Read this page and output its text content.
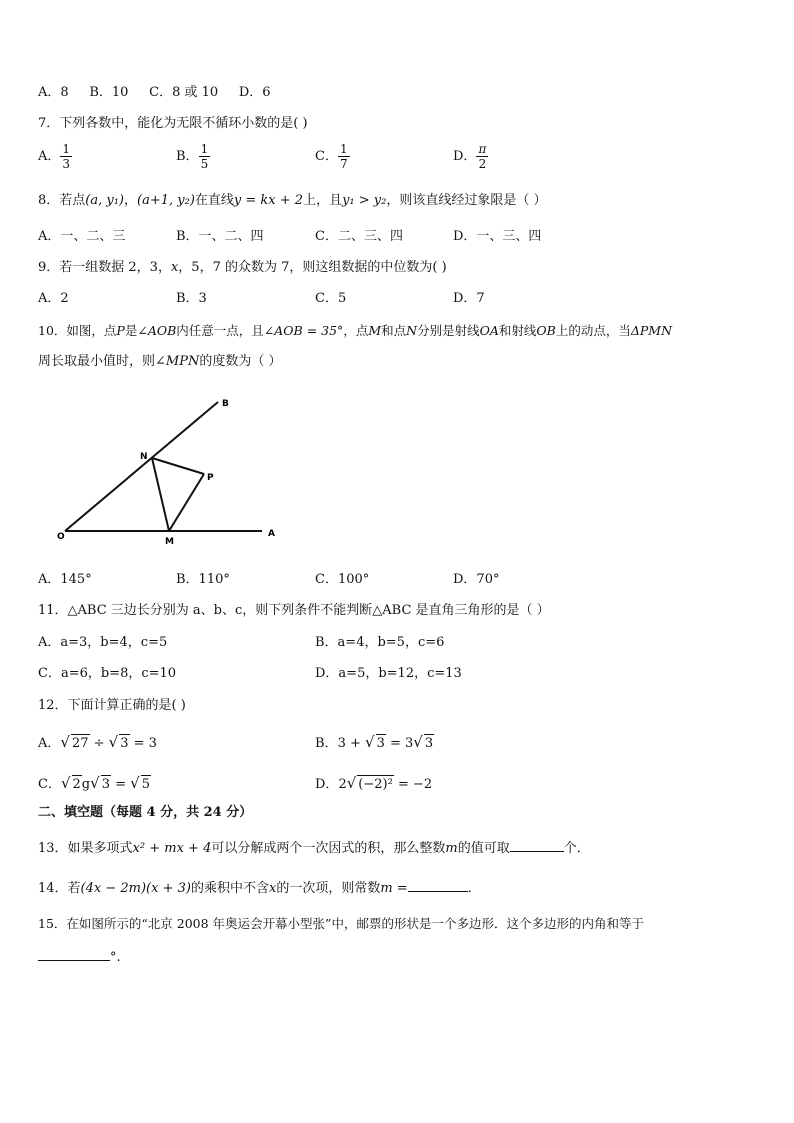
A．8 B．10 C．8 或 10 D．6
7．下列各数中，能化为无限不循环小数的是( )
A． $\frac{1}{3}$	B． $\frac{1}{5}$	C． $\frac{1}{7}$	D． $\frac{\pi}{2}$
8．若点(a, y₁)，(a+1, y₂)在直线y = kx + 2上，且y₁ > y₂，则该直线经过象限是（ ）
A．一、二、三	B．一、二、四	C．二、三、四	D．一、三、四
9．若一组数据 2，3，x，5，7 的众数为 7，则这组数据的中位数为( )
A．2	B．3	C．5	D．7
10．如图，点P是∠AOB内任意一点，且∠AOB = 35°，点M和点N分别是射线OA和射线OB上的动点，当ΔPMN
周长取最小值时，则∠MPN的度数为（ ）
B
N
P
O	M
A
A．145°	B．110°	C．100°	D．70°
11．△ABC 三边长分别为 a、b、c，则下列条件不能判断△ABC 是直角三角形的是（ ）
A．a=3，b=4，c=5	B．a=4，b=5，c=6
C．a=6，b=8，c=10	D．a=5，b=12，c=13
12．下面计算正确的是( )
A．√ 27 ÷ √ 3 = 3	B．3 + √ 3 = 3√ 3
C．√ 2g√ 3 = √ 5	D．2√ (−2)² = −2
二、填空题（每题 4 分，共 24 分）
13．如果多项式x² + mx + 4可以分解成两个一次因式的积，那么整数m的值可取	个．
14．若(4x − 2m)(x + 3)的乘积中不含x的一次项，则常数m =	．
15．在如图所示的“北京 2008 年奥运会开幕小型张”中，邮票的形状是一个多边形．这个多边形的内角和等于
°.
